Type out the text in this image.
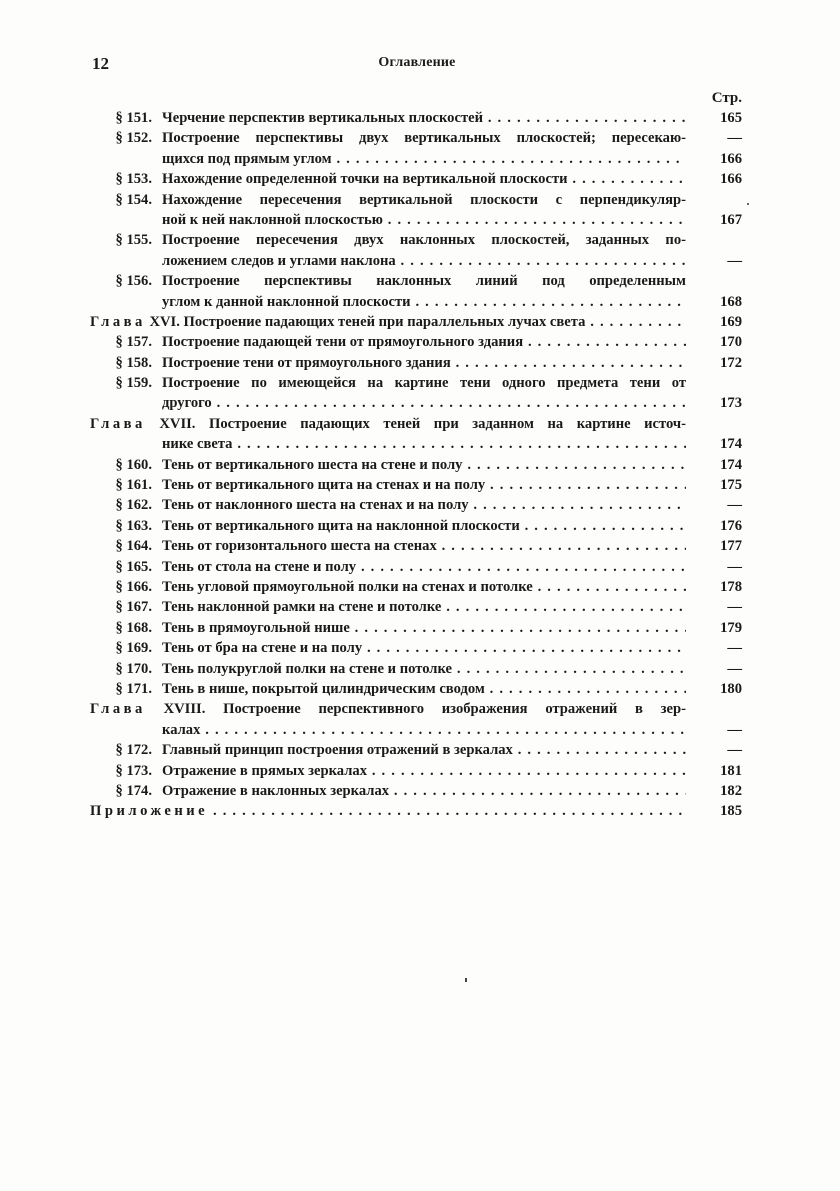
12	Оглавление
Стр.
§ 151. Черчение перспектив вертикальных плоскостей . . .	165
§ 152. Построение перспективы двух вертикальных плоскостей; пересекаю-	—
щихся под прямым углом . . .	166
§ 153. Нахождение определенной точки на вертикальной плоскости . . .	166
§ 154. Нахождение пересечения вертикальной плоскости с перпендикуляр-
ной к ней наклонной плоскостью . . .	167
§ 155. Построение пересечения двух наклонных плоскостей, заданных по-
ложением следов и углами наклона . . .	—
§ 156. Построение перспективы наклонных линий под определенным
углом к данной наклонной плоскости . . .	168
Глава XVI. Построение падающих теней при параллельных лучах света . . .	169
§ 157. Построение падающей тени от прямоугольного здания . . .	170
§ 158. Построение тени от прямоугольного здания . . .	172
§ 159. Построение по имеющейся на картине тени одного предмета тени от
другого . . .	173
Глава XVII. Построение падающих теней при заданном на картине источ-
нике света . . .	174
§ 160. Тень от вертикального шеста на стене и полу . . .	174
§ 161. Тень от вертикального щита на стенах и на полу . . .	175
§ 162. Тень от наклонного шеста на стенах и на полу . . .	—
§ 163. Тень от вертикального щита на наклонной плоскости . . .	176
§ 164. Тень от горизонтального шеста на стенах . . .	177
§ 165. Тень от стола на стене и полу . . .	—
§ 166. Тень угловой прямоугольной полки на стенах и потолке . . .	178
§ 167. Тень наклонной рамки на стене и потолке . . .	—
§ 168. Тень в прямоугольной нише . . .	179
§ 169. Тень от бра на стене и на полу . . .	—
§ 170. Тень полукруглой полки на стене и потолке . . .	—
§ 171. Тень в нише, покрытой цилиндрическим сводом . . .	180
Глава XVIII. Построение перспективного изображения отражений в зер-
калах . . .	—
§ 172. Главный принцип построения отражений в зеркалах . . .	—
§ 173. Отражение в прямых зеркалах . . .	181
§ 174. Отражение в наклонных зеркалах . . .	182
Приложение . . .	185
